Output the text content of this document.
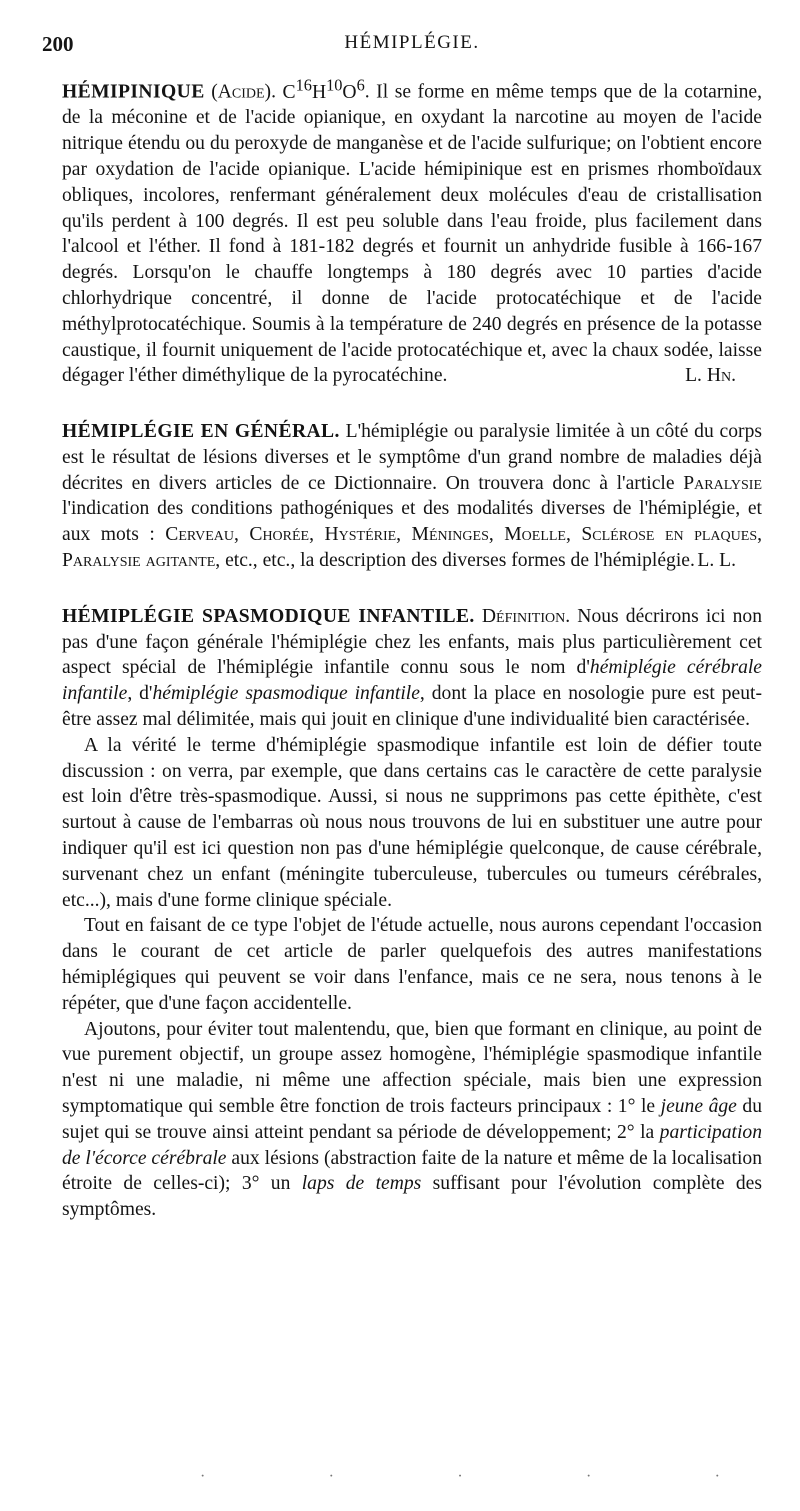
200	HÉMIPLÉGIE.

HÉMIPINIQUE (Acide). $C^{16}H^{10}O^6$. Il se forme en même temps que de la cotarnine, de la méconine et de l'acide opianique, en oxydant la narcotine au moyen de l'acide nitrique étendu ou du peroxyde de manganèse et de l'acide sulfurique; on l'obtient encore par oxydation de l'acide opianique. L'acide hémipinique est en prismes rhomboïdaux obliques, incolores, renfermant généralement deux molécules d'eau de cristallisation qu'ils perdent à 100 degrés. Il est peu soluble dans l'eau froide, plus facilement dans l'alcool et l'éther. Il fond à 181-182 degrés et fournit un anhydride fusible à 166-167 degrés. Lorsqu'on le chauffe longtemps à 180 degrés avec 10 parties d'acide chlorhydrique concentré, il donne de l'acide protocatéchique et de l'acide méthylprotocatéchique. Soumis à la température de 240 degrés en présence de la potasse caustique, il fournit uniquement de l'acide protocatéchique et, avec la chaux sodée, laisse dégager l'éther diméthylique de la pyrocatéchine.	L. Hn.

HÉMIPLÉGIE EN GÉNÉRAL. L'hémiplégie ou paralysie limitée à un côté du corps est le résultat de lésions diverses et le symptôme d'un grand nombre de maladies déjà décrites en divers articles de ce Dictionnaire. On trouvera donc à l'article Paralysie l'indication des conditions pathogéniques et des modalités diverses de l'hémiplégie, et aux mots : Cerveau, Chorée, Hystérie, Méninges, Moelle, Sclérose en plaques, Paralysie agitante, etc., etc., la description des diverses formes de l'hémiplégie. L. L.

HÉMIPLÉGIE SPASMODIQUE INFANTILE. Définition. Nous décrirons ici non pas d'une façon générale l'hémiplégie chez les enfants, mais plus particulièrement cet aspect spécial de l'hémiplégie infantile connu sous le nom d'hémiplégie cérébrale infantile, d'hémiplégie spasmodique infantile, dont la place en nosologie pure est peut-être assez mal délimitée, mais qui jouit en clinique d'une individualité bien caractérisée.

A la vérité le terme d'hémiplégie spasmodique infantile est loin de défier toute discussion : on verra, par exemple, que dans certains cas le caractère de cette paralysie est loin d'être très-spasmodique. Aussi, si nous ne supprimons pas cette épithète, c'est surtout à cause de l'embarras où nous nous trouvons de lui en substituer une autre pour indiquer qu'il est ici question non pas d'une hémiplégie quelconque, de cause cérébrale, survenant chez un enfant (méningite tuberculeuse, tubercules ou tumeurs cérébrales, etc...), mais d'une forme clinique spéciale.

Tout en faisant de ce type l'objet de l'étude actuelle, nous aurons cependant l'occasion dans le courant de cet article de parler quelquefois des autres manifestations hémiplégiques qui peuvent se voir dans l'enfance, mais ce ne sera, nous tenons à le répéter, que d'une façon accidentelle.

Ajoutons, pour éviter tout malentendu, que, bien que formant en clinique, au point de vue purement objectif, un groupe assez homogène, l'hémiplégie spasmodique infantile n'est ni une maladie, ni même une affection spéciale, mais bien une expression symptomatique qui semble être fonction de trois facteurs principaux : 1° le jeune âge du sujet qui se trouve ainsi atteint pendant sa période de développement; 2° la participation de l'écorce cérébrale aux lésions (abstraction faite de la nature et même de la localisation étroite de celles-ci); 3° un laps de temps suffisant pour l'évolution complète des symptômes.

·	·	·	·	·
